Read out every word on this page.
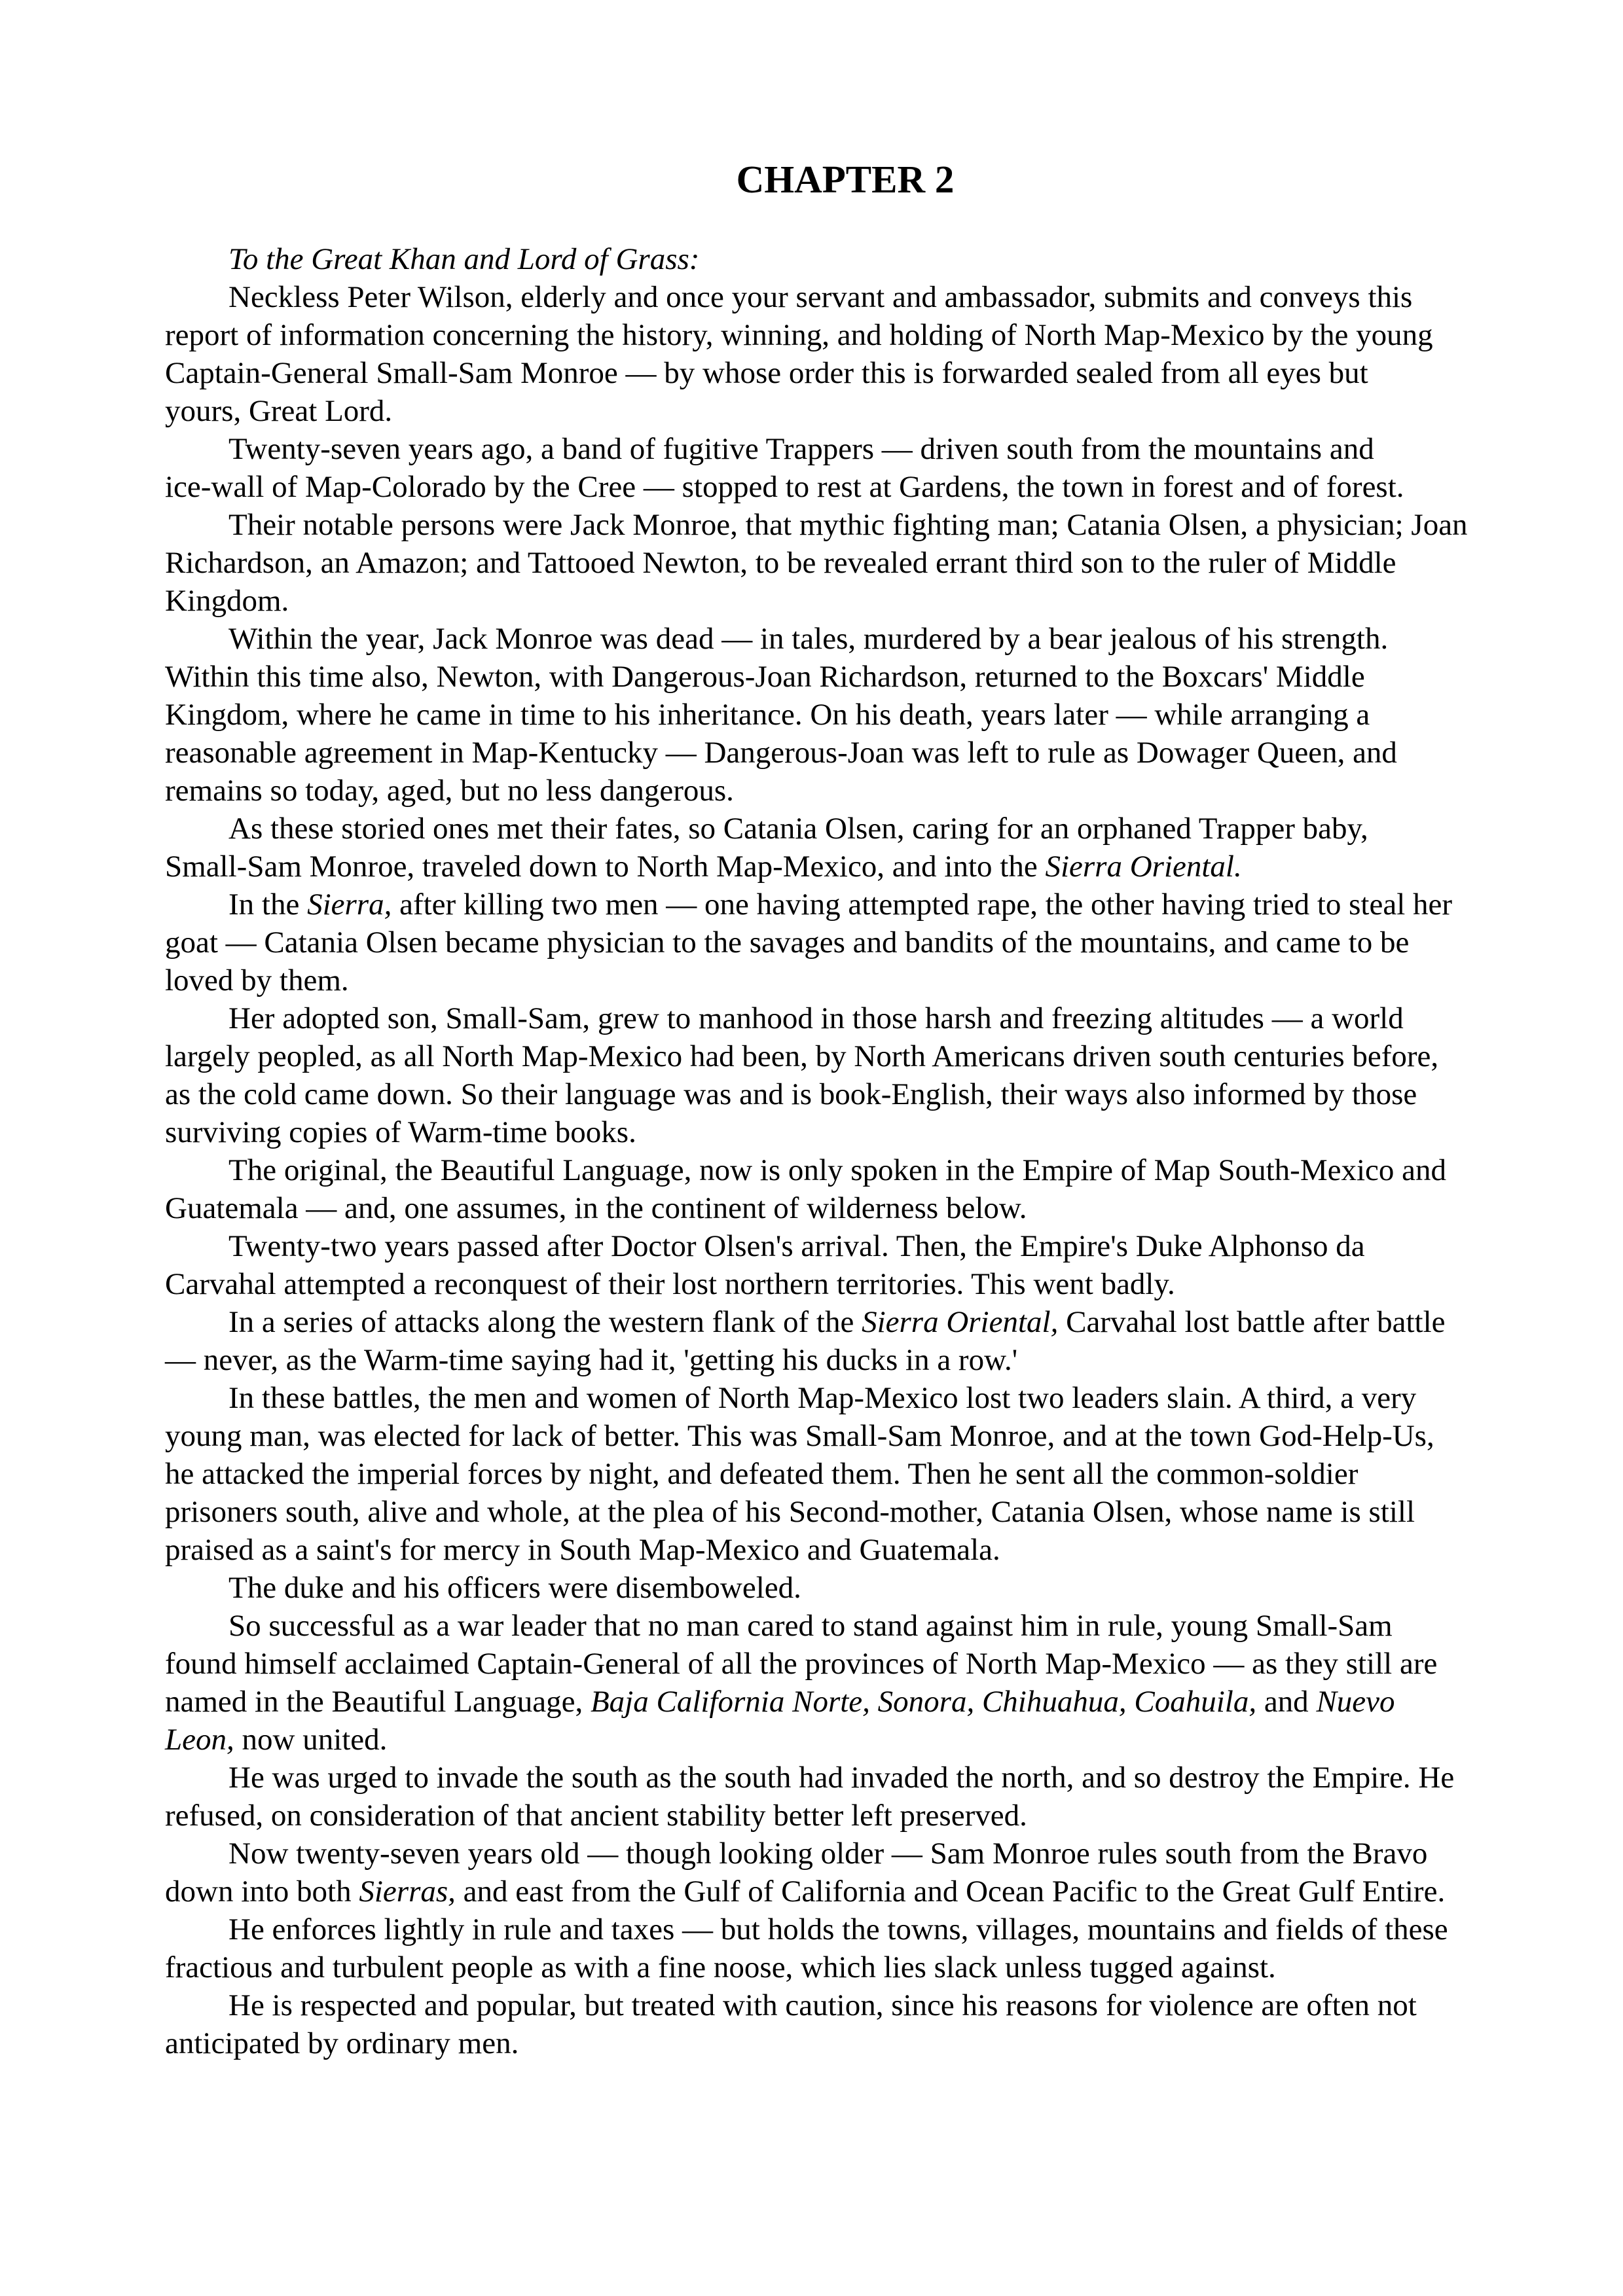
CHAPTER 2
To the Great Khan and Lord of Grass:
Neckless Peter Wilson, elderly and once your servant and ambassador, submits and conveys this
report of information concerning the history, winning, and holding of North Map-Mexico by the young
Captain-General Small-Sam Monroe — by whose order this is forwarded sealed from all eyes but
yours, Great Lord.
Twenty-seven years ago, a band of fugitive Trappers — driven south from the mountains and
ice-wall of Map-Colorado by the Cree — stopped to rest at Gardens, the town in forest and of forest.
Their notable persons were Jack Monroe, that mythic fighting man; Catania Olsen, a physician; Joan
Richardson, an Amazon; and Tattooed Newton, to be revealed errant third son to the ruler of Middle
Kingdom.
Within the year, Jack Monroe was dead — in tales, murdered by a bear jealous of his strength.
Within this time also, Newton, with Dangerous-Joan Richardson, returned to the Boxcars' Middle
Kingdom, where he came in time to his inheritance. On his death, years later — while arranging a
reasonable agreement in Map-Kentucky — Dangerous-Joan was left to rule as Dowager Queen, and
remains so today, aged, but no less dangerous.
As these storied ones met their fates, so Catania Olsen, caring for an orphaned Trapper baby,
Small-Sam Monroe, traveled down to North Map-Mexico, and into the Sierra Oriental.
In the Sierra, after killing two men — one having attempted rape, the other having tried to steal her
goat — Catania Olsen became physician to the savages and bandits of the mountains, and came to be
loved by them.
Her adopted son, Small-Sam, grew to manhood in those harsh and freezing altitudes — a world
largely peopled, as all North Map-Mexico had been, by North Americans driven south centuries before,
as the cold came down. So their language was and is book-English, their ways also informed by those
surviving copies of Warm-time books.
The original, the Beautiful Language, now is only spoken in the Empire of Map South-Mexico and
Guatemala — and, one assumes, in the continent of wilderness below.
Twenty-two years passed after Doctor Olsen's arrival. Then, the Empire's Duke Alphonso da
Carvahal attempted a reconquest of their lost northern territories. This went badly.
In a series of attacks along the western flank of the Sierra Oriental, Carvahal lost battle after battle
— never, as the Warm-time saying had it, 'getting his ducks in a row.'
In these battles, the men and women of North Map-Mexico lost two leaders slain. A third, a very
young man, was elected for lack of better. This was Small-Sam Monroe, and at the town God-Help-Us,
he attacked the imperial forces by night, and defeated them. Then he sent all the common-soldier
prisoners south, alive and whole, at the plea of his Second-mother, Catania Olsen, whose name is still
praised as a saint's for mercy in South Map-Mexico and Guatemala.
The duke and his officers were disemboweled.
So successful as a war leader that no man cared to stand against him in rule, young Small-Sam
found himself acclaimed Captain-General of all the provinces of North Map-Mexico — as they still are
named in the Beautiful Language, Baja California Norte, Sonora, Chihuahua, Coahuila, and Nuevo
Leon, now united.
He was urged to invade the south as the south had invaded the north, and so destroy the Empire. He
refused, on consideration of that ancient stability better left preserved.
Now twenty-seven years old — though looking older — Sam Monroe rules south from the Bravo
down into both Sierras, and east from the Gulf of California and Ocean Pacific to the Great Gulf Entire.
He enforces lightly in rule and taxes — but holds the towns, villages, mountains and fields of these
fractious and turbulent people as with a fine noose, which lies slack unless tugged against.
He is respected and popular, but treated with caution, since his reasons for violence are often not
anticipated by ordinary men.
